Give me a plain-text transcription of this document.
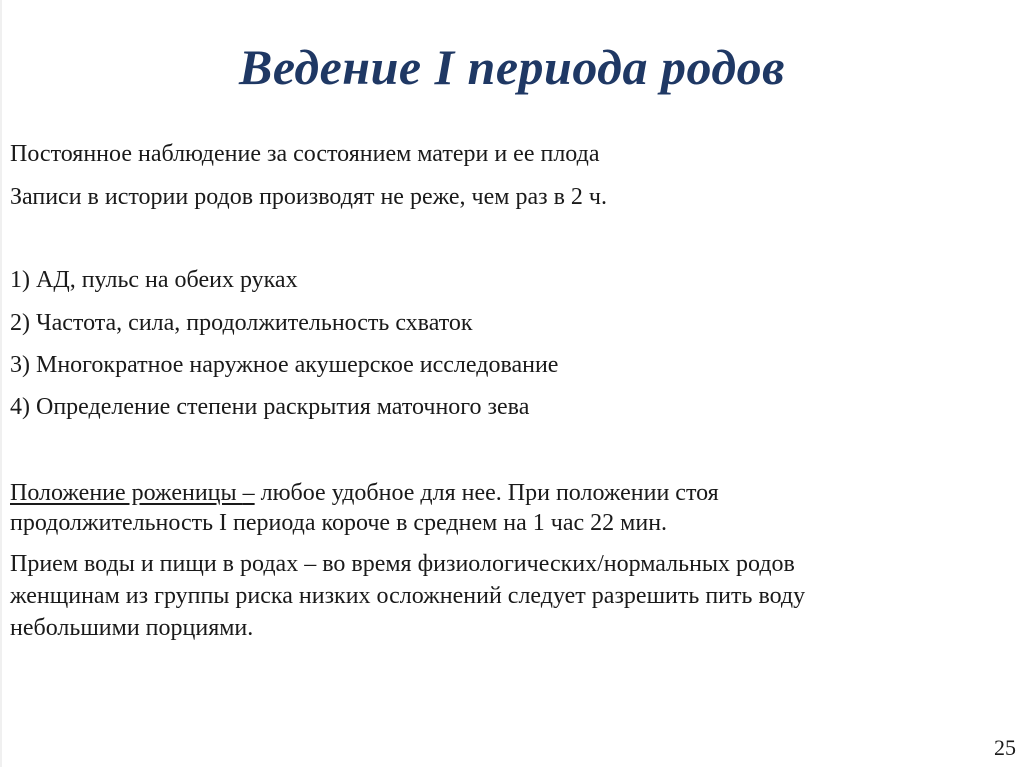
Ведение I периода родов
Постоянное наблюдение за состоянием матери и ее плода
Записи в истории родов производят не реже, чем раз в 2 ч.
1) АД, пульс на обеих руках
2) Частота, сила, продолжительность схваток
3) Многократное наружное акушерское исследование
4) Определение степени раскрытия маточного зева
Положение роженицы – любое удобное для нее. При положении стоя
продолжительность I периода короче в среднем на 1 час 22 мин.
Прием воды и пищи в родах – во время физиологических/нормальных родов
женщинам из группы риска низких осложнений следует разрешить пить воду
небольшими порциями.
25
